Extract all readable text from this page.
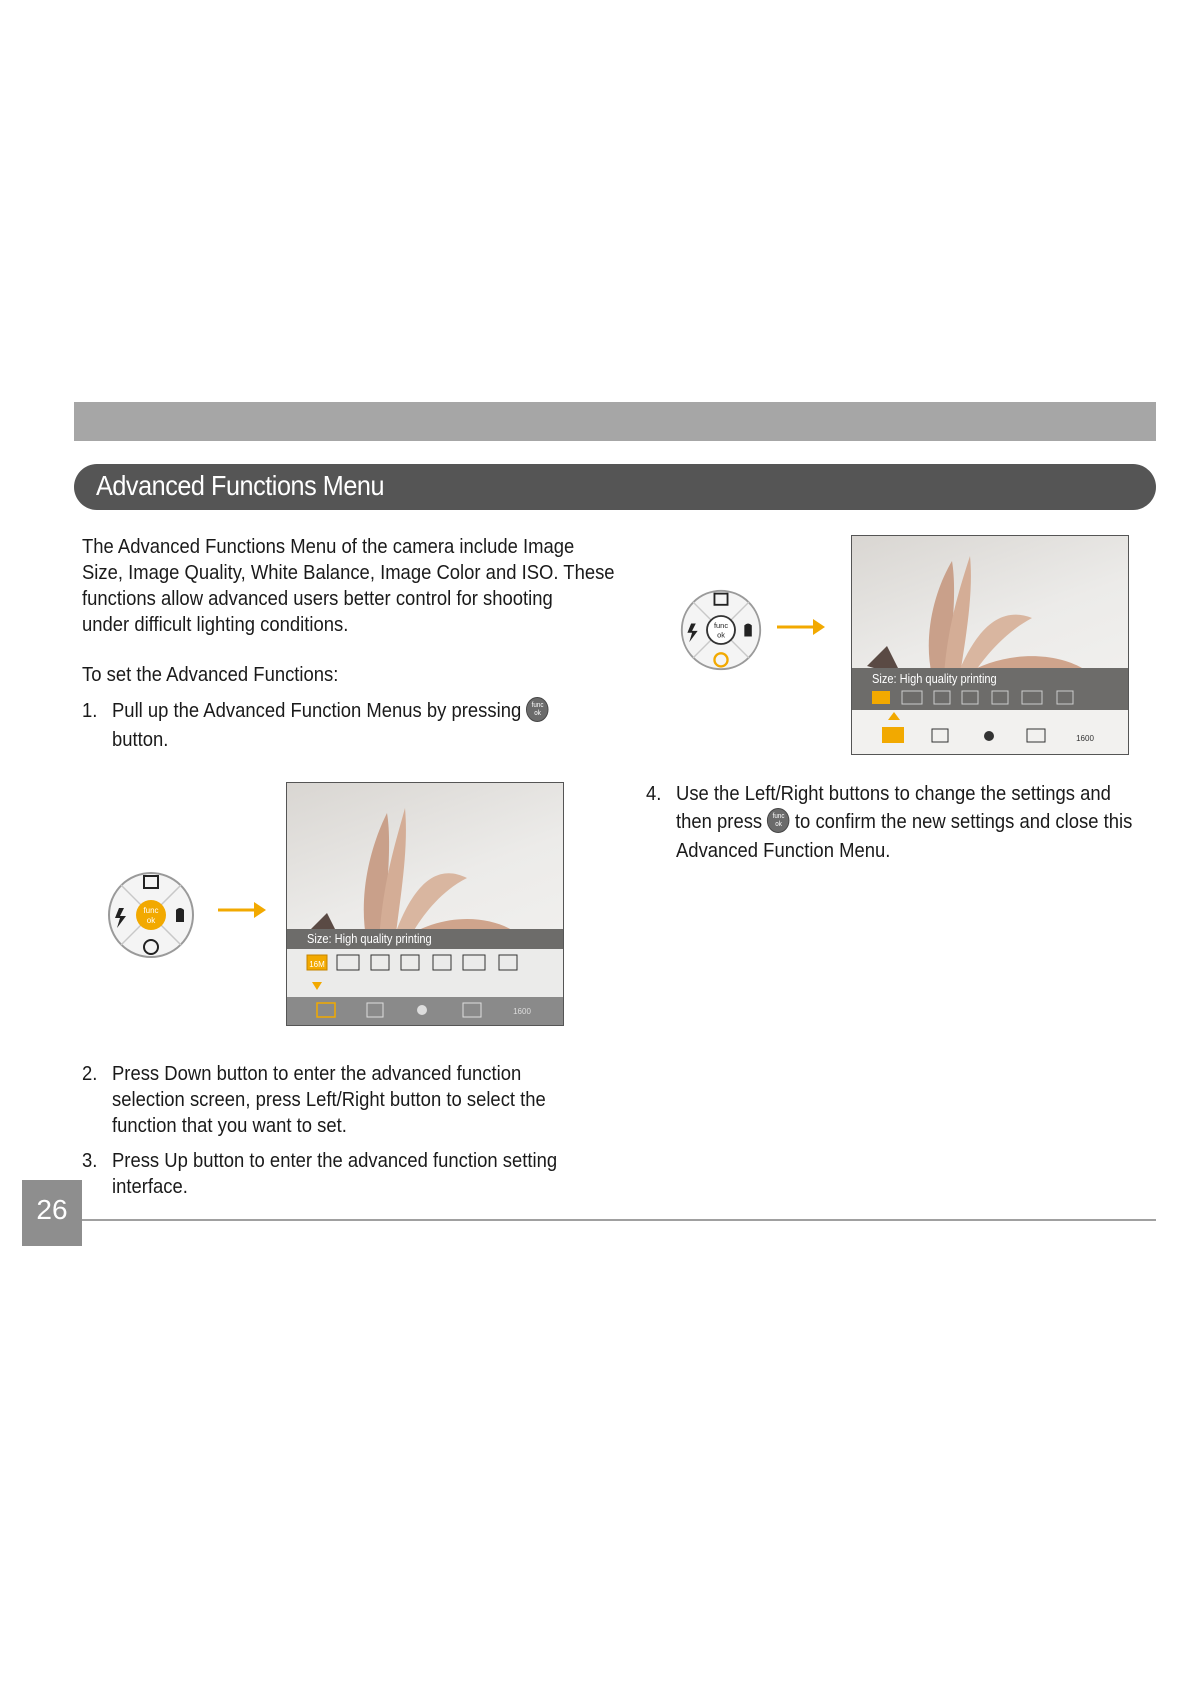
Advanced Functions Menu
The Advanced Functions Menu of the camera include Image
Size, Image Quality, White Balance, Image Color and ISO. These
functions allow advanced users better control for shooting
under difficult lighting conditions.
To set the Advanced Functions:
1. Pull up the Advanced Function Menus by pressing func
ok
button.
func
ok
Size: High quality printing
16M
1600
2. Press Down button to enter the advanced function
selection screen, press Left/Right button to select the
function that you want to set.
3. Press Up button to enter the advanced function setting
interface.
func
ok
Size: High quality printing
1600
4. Use the Left/Right buttons to change the settings and
then press func
ok to confirm the new settings and close this
Advanced Function Menu.
26
